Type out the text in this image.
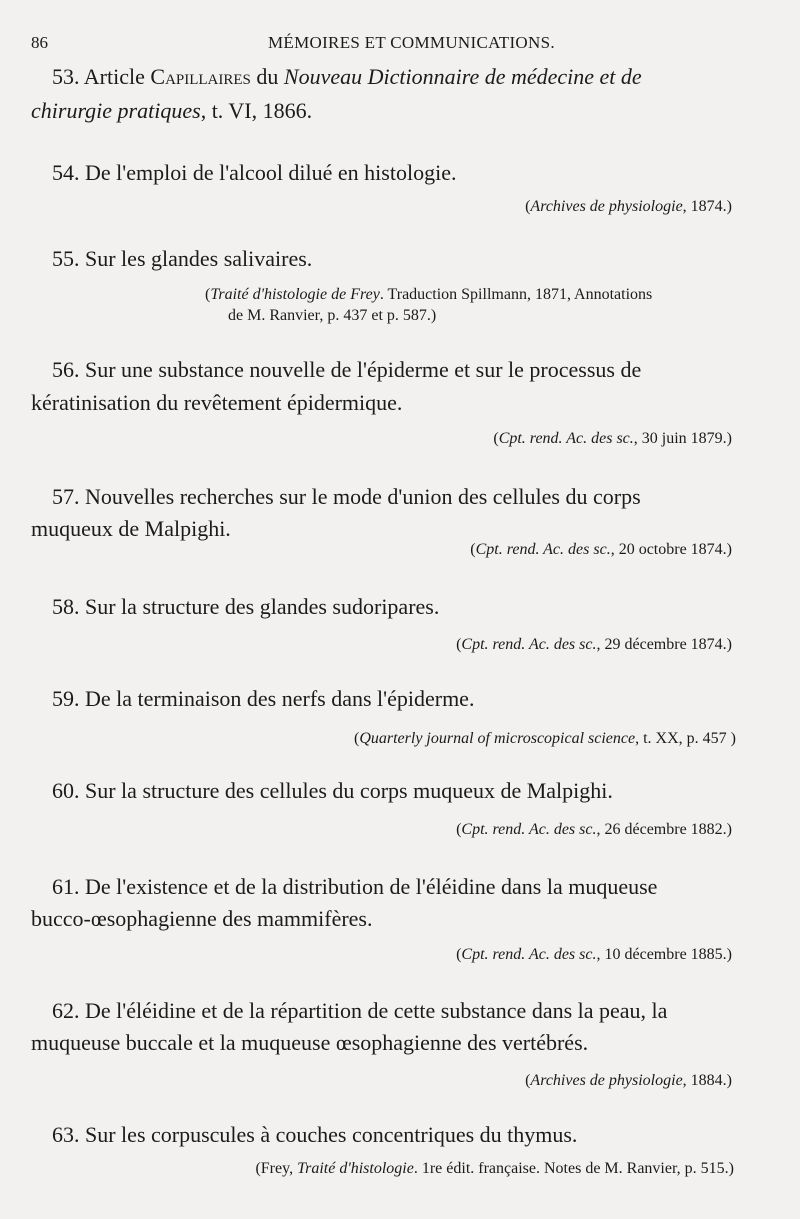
86	MÉMOIRES ET COMMUNICATIONS.
53. Article Capillaires du Nouveau Dictionnaire de médecine et de
chirurgie pratiques, t. VI, 1866.
54. De l'emploi de l'alcool dilué en histologie.
(Archives de physiologie, 1874.)
55. Sur les glandes salivaires.
(Traité d'histologie de Frey. Traduction Spillmann, 1871, Annotations
de M. Ranvier, p. 437 et p. 587.)
56. Sur une substance nouvelle de l'épiderme et sur le processus de
kératinisation du revêtement épidermique.
(Cpt. rend. Ac. des sc., 30 juin 1879.)
57. Nouvelles recherches sur le mode d'union des cellules du corps
muqueux de Malpighi.
(Cpt. rend. Ac. des sc., 20 octobre 1874.)
58. Sur la structure des glandes sudoripares.
(Cpt. rend. Ac. des sc., 29 décembre 1874.)
59. De la terminaison des nerfs dans l'épiderme.
(Quarterly journal of microscopical science, t. XX, p. 457 )
60. Sur la structure des cellules du corps muqueux de Malpighi.
(Cpt. rend. Ac. des sc., 26 décembre 1882.)
61. De l'existence et de la distribution de l'éléidine dans la muqueuse
bucco-œsophagienne des mammifères.
(Cpt. rend. Ac. des sc., 10 décembre 1885.)
62. De l'éléidine et de la répartition de cette substance dans la peau, la
muqueuse buccale et la muqueuse œsophagienne des vertébrés.
(Archives de physiologie, 1884.)
63. Sur les corpuscules à couches concentriques du thymus.
(Frey, Traité d'histologie. 1re édit. française. Notes de M. Ranvier, p. 515.)
